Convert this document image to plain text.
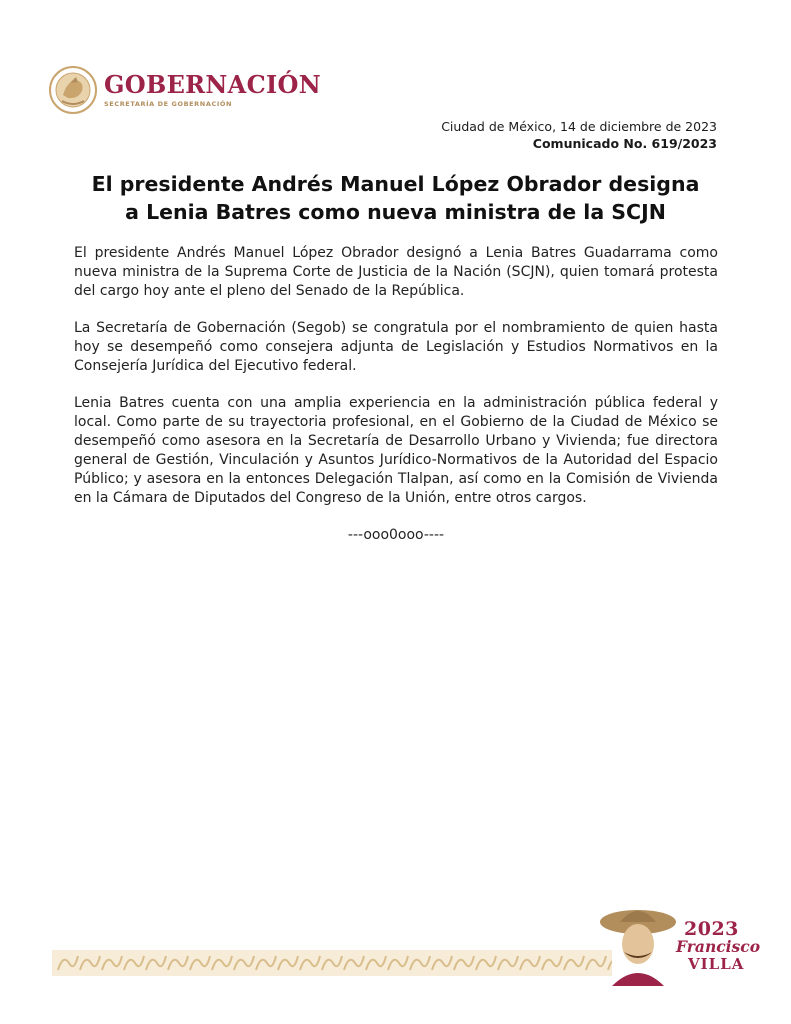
GOBERNACIÓN
SECRETARÍA DE GOBERNACIÓN
Ciudad de México, 14 de diciembre de 2023
Comunicado No. 619/2023
El presidente Andrés Manuel López Obrador designa
a Lenia Batres como nueva ministra de la SCJN

El presidente Andrés Manuel López Obrador designó a Lenia Batres Guadarrama como nueva ministra de la Suprema Corte de Justicia de la Nación (SCJN), quien tomará protesta del cargo hoy ante el pleno del Senado de la República.

La Secretaría de Gobernación (Segob) se congratula por el nombramiento de quien hasta hoy se desempeñó como consejera adjunta de Legislación y Estudios Normativos en la Consejería Jurídica del Ejecutivo federal.

Lenia Batres cuenta con una amplia experiencia en la administración pública federal y local. Como parte de su trayectoria profesional, en el Gobierno de la Ciudad de México se desempeñó como asesora en la Secretaría de Desarrollo Urbano y Vivienda; fue directora general de Gestión, Vinculación y Asuntos Jurídico-Normativos de la Autoridad del Espacio Público; y asesora en la entonces Delegación Tlalpan, así como en la Comisión de Vivienda en la Cámara de Diputados del Congreso de la Unión, entre otros cargos.

---ooo0ooo----
2023
Francisco
VILLA
